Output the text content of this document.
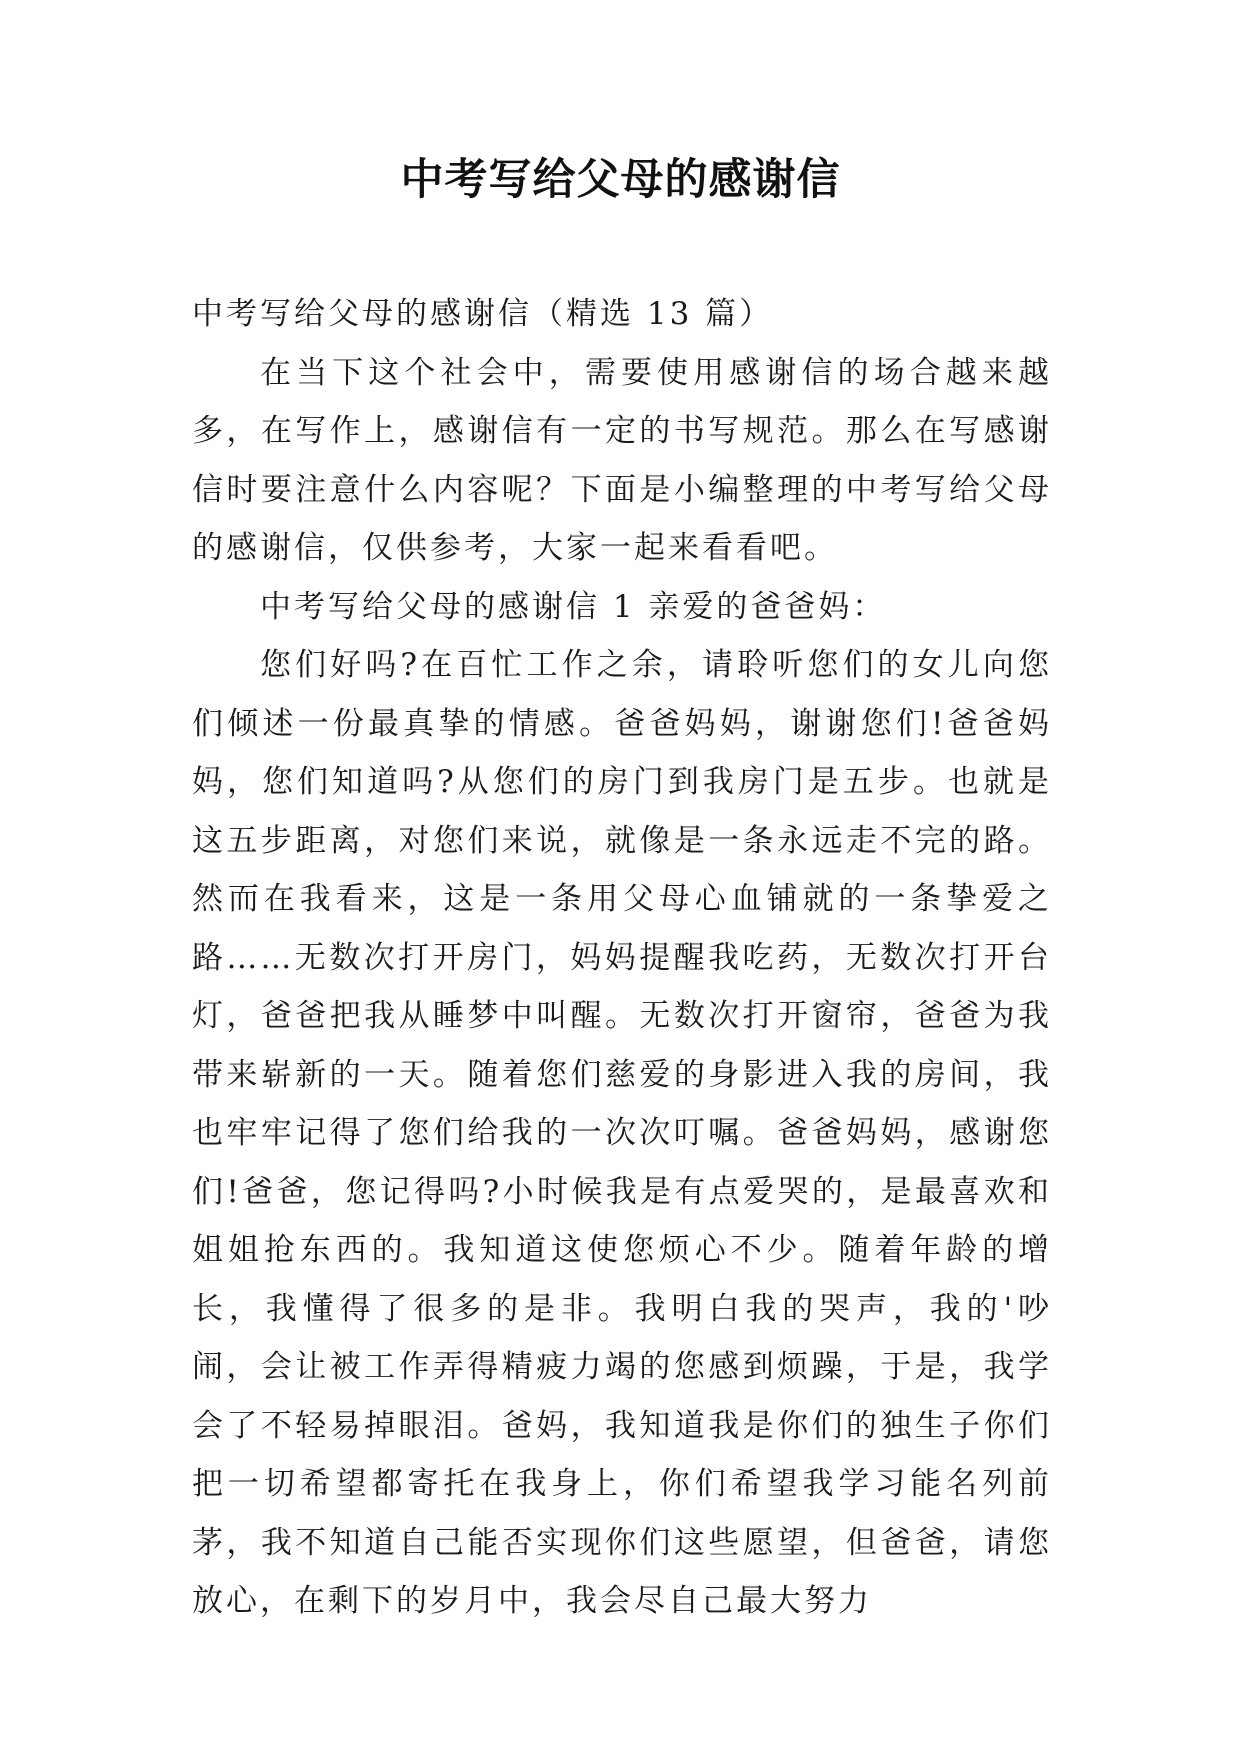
中考写给父母的感谢信

中考写给父母的感谢信（精选 13 篇）

在当下这个社会中，需要使用感谢信的场合越来越多，在写作上，感谢信有一定的书写规范。那么在写感谢信时要注意什么内容呢？下面是小编整理的中考写给父母的感谢信，仅供参考，大家一起来看看吧。

中考写给父母的感谢信 1 亲爱的爸爸妈：

您们好吗?在百忙工作之余，请聆听您们的女儿向您们倾述一份最真挚的情感。爸爸妈妈，谢谢您们!爸爸妈妈，您们知道吗?从您们的房门到我房门是五步。也就是这五步距离，对您们来说，就像是一条永远走不完的路。然而在我看来，这是一条用父母心血铺就的一条挚爱之路……无数次打开房门，妈妈提醒我吃药，无数次打开台灯，爸爸把我从睡梦中叫醒。无数次打开窗帘，爸爸为我带来崭新的一天。随着您们慈爱的身影进入我的房间，我也牢牢记得了您们给我的一次次叮嘱。爸爸妈妈，感谢您们!爸爸，您记得吗?小时候我是有点爱哭的，是最喜欢和姐姐抢东西的。我知道这使您烦心不少。随着年龄的增长，我懂得了很多的是非。我明白我的哭声，我的'吵闹，会让被工作弄得精疲力竭的您感到烦躁，于是，我学会了不轻易掉眼泪。爸妈，我知道我是你们的独生子你们把一切希望都寄托在我身上，你们希望我学习能名列前茅，我不知道自己能否实现你们这些愿望，但爸爸，请您放心，在剩下的岁月中，我会尽自己最大努力
